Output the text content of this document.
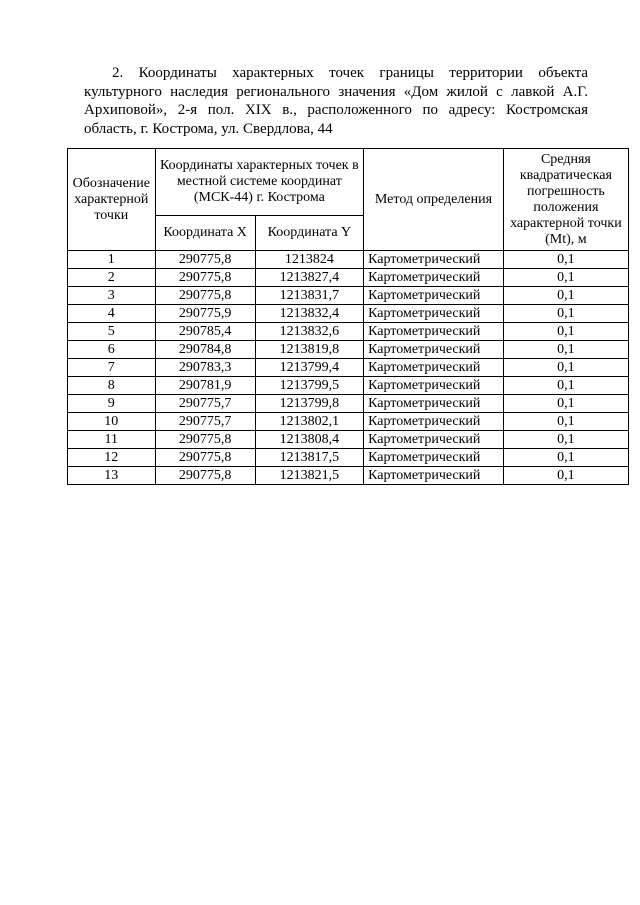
2. Координаты характерных точек границы территории объекта культурного наследия регионального значения «Дом жилой с лавкой А.Г. Архиповой», 2-я пол. XIX в., расположенного по адресу: Костромская область, г. Кострома, ул. Свердлова, 44
Обозначение характерной точки	Координаты характерных точек в местной системе координат (МСК-44) г. Кострома		Метод определения	Средняя квадратическая погрешность положения характерной точки (Mt), м
	Координата X	Координата Y		
1	290775,8	1213824	Картометрический	0,1
2	290775,8	1213827,4	Картометрический	0,1
3	290775,8	1213831,7	Картометрический	0,1
4	290775,9	1213832,4	Картометрический	0,1
5	290785,4	1213832,6	Картометрический	0,1
6	290784,8	1213819,8	Картометрический	0,1
7	290783,3	1213799,4	Картометрический	0,1
8	290781,9	1213799,5	Картометрический	0,1
9	290775,7	1213799,8	Картометрический	0,1
10	290775,7	1213802,1	Картометрический	0,1
11	290775,8	1213808,4	Картометрический	0,1
12	290775,8	1213817,5	Картометрический	0,1
13	290775,8	1213821,5	Картометрический	0,1
